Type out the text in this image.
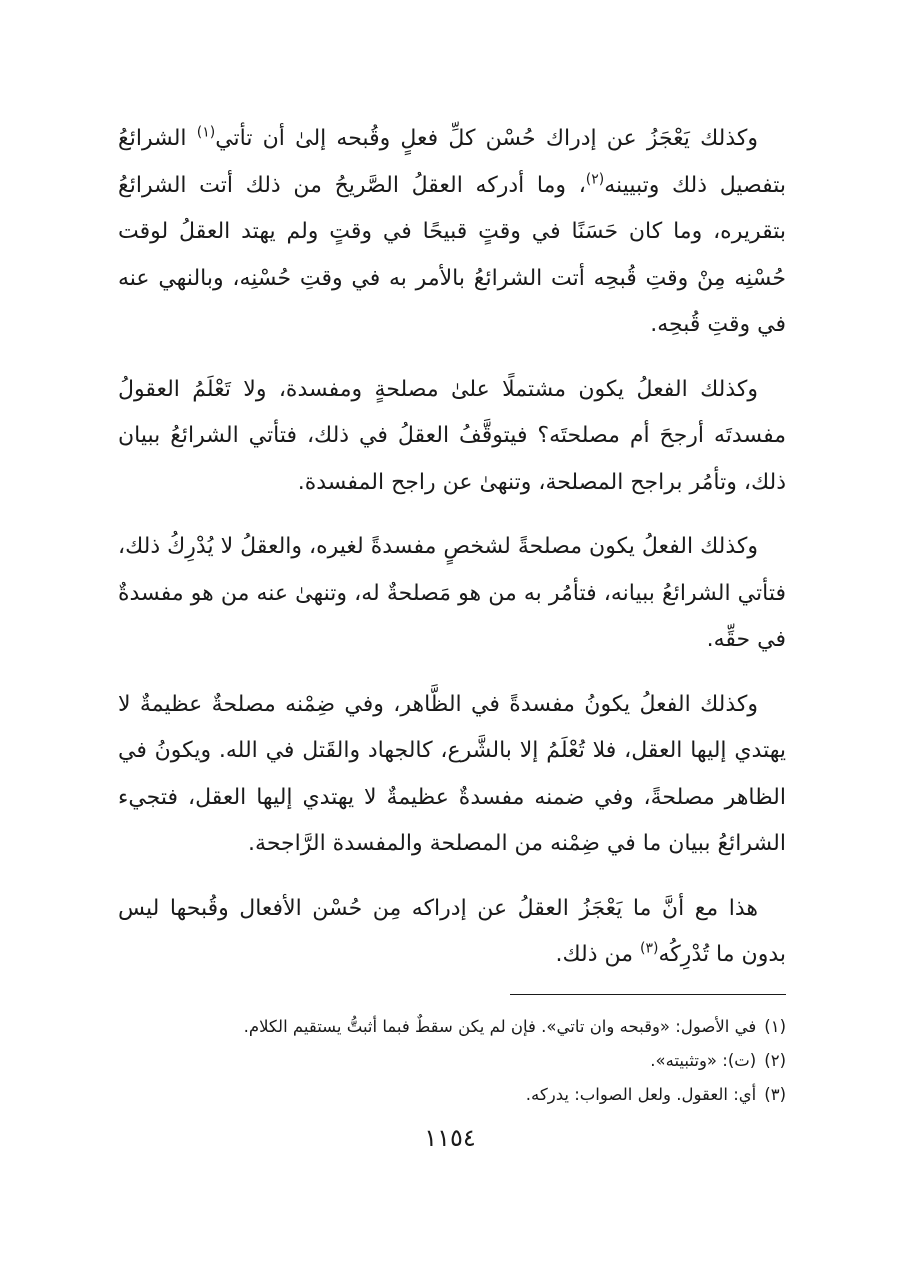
وكذلك يَعْجَزُ عن إدراك حُسْن كلِّ فعلٍ وقُبحه إلىٰ أن تأتي$^{(١)}$ الشرائعُ بتفصيل ذلك وتبيينه$^{(٢)}$، وما أدركه العقلُ الصَّريحُ من ذلك أتت الشرائعُ بتقريره، وما كان حَسَنًا في وقتٍ قبيحًا في وقتٍ ولم يهتد العقلُ لوقت حُسْنِه مِنْ وقتِ قُبحِه أتت الشرائعُ بالأمر به في وقتِ حُسْنِه، وبالنهي عنه في وقتِ قُبحِه.

وكذلك الفعلُ يكون مشتملًا علىٰ مصلحةٍ ومفسدة، ولا تَعْلَمُ العقولُ مفسدتَه أرجحَ أم مصلحتَه؟ فيتوقَّفُ العقلُ في ذلك، فتأتي الشرائعُ ببيان ذلك، وتأمُر براجح المصلحة، وتنهىٰ عن راجح المفسدة.

وكذلك الفعلُ يكون مصلحةً لشخصٍ مفسدةً لغيره، والعقلُ لا يُدْرِكُ ذلك، فتأتي الشرائعُ ببيانه، فتأمُر به من هو مَصلحةٌ له، وتنهىٰ عنه من هو مفسدةٌ في حقِّه.

وكذلك الفعلُ يكونُ مفسدةً في الظَّاهر، وفي ضِمْنه مصلحةٌ عظيمةٌ لا يهتدي إليها العقل، فلا تُعْلَمُ إلا بالشَّرع، كالجهاد والقَتل في الله. ويكونُ في الظاهر مصلحةً، وفي ضمنه مفسدةٌ عظيمةٌ لا يهتدي إليها العقل، فتجيء الشرائعُ ببيان ما في ضِمْنه من المصلحة والمفسدة الرَّاجحة.

هذا مع أنَّ ما يَعْجَزُ العقلُ عن إدراكه مِن حُسْن الأفعال وقُبحها ليس بدون ما تُدْرِكُه$^{(٣)}$ من ذلك.

(١)في الأصول: «وقبحه وان تاتي». فإن لم يكن سقطٌ فبما أثبتُّ يستقيم الكلام.

(٢)(ت): «وتثبيته».

(٣)أي: العقول. ولعل الصواب: يدركه.

١١٥٤
